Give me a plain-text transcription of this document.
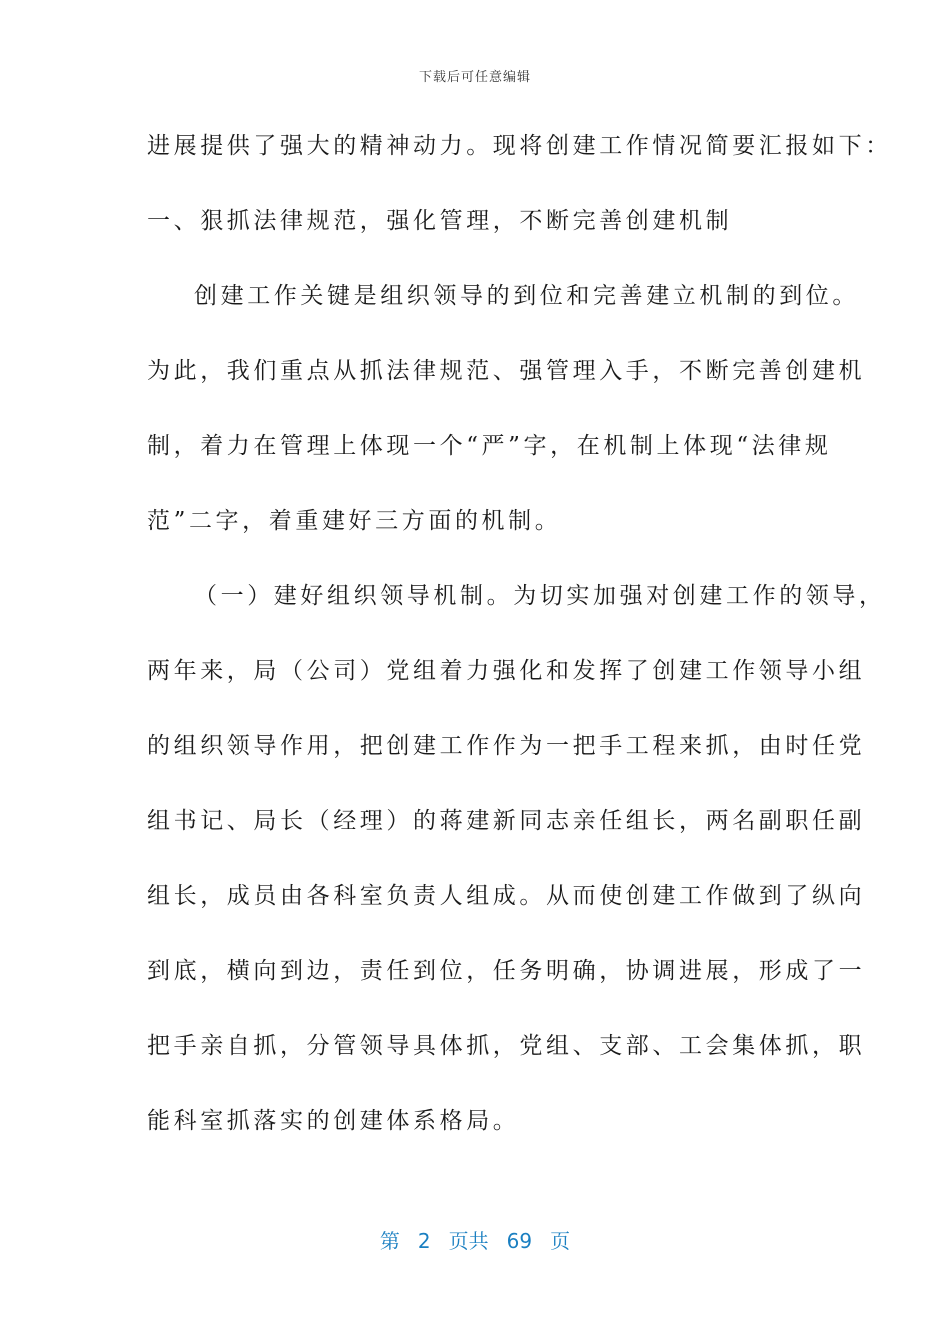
下载后可任意编辑
进展提供了强大的精神动力。现将创建工作情况简要汇报如下：
一、狠抓法律规范，强化管理，不断完善创建机制
创建工作关键是组织领导的到位和完善建立机制的到位。
为此，我们重点从抓法律规范、强管理入手，不断完善创建机
制，着力在管理上体现一个“严”字，在机制上体现“法律规
范”二字，着重建好三方面的机制。
（一）建好组织领导机制。为切实加强对创建工作的领导，
两年来，局（公司）党组着力强化和发挥了创建工作领导小组
的组织领导作用，把创建工作作为一把手工程来抓，由时任党
组书记、局长（经理）的蒋建新同志亲任组长，两名副职任副
组长，成员由各科室负责人组成。从而使创建工作做到了纵向
到底，横向到边，责任到位，任务明确，协调进展，形成了一
把手亲自抓，分管领导具体抓，党组、支部、工会集体抓，职
能科室抓落实的创建体系格局。
第 2 页共 69 页
